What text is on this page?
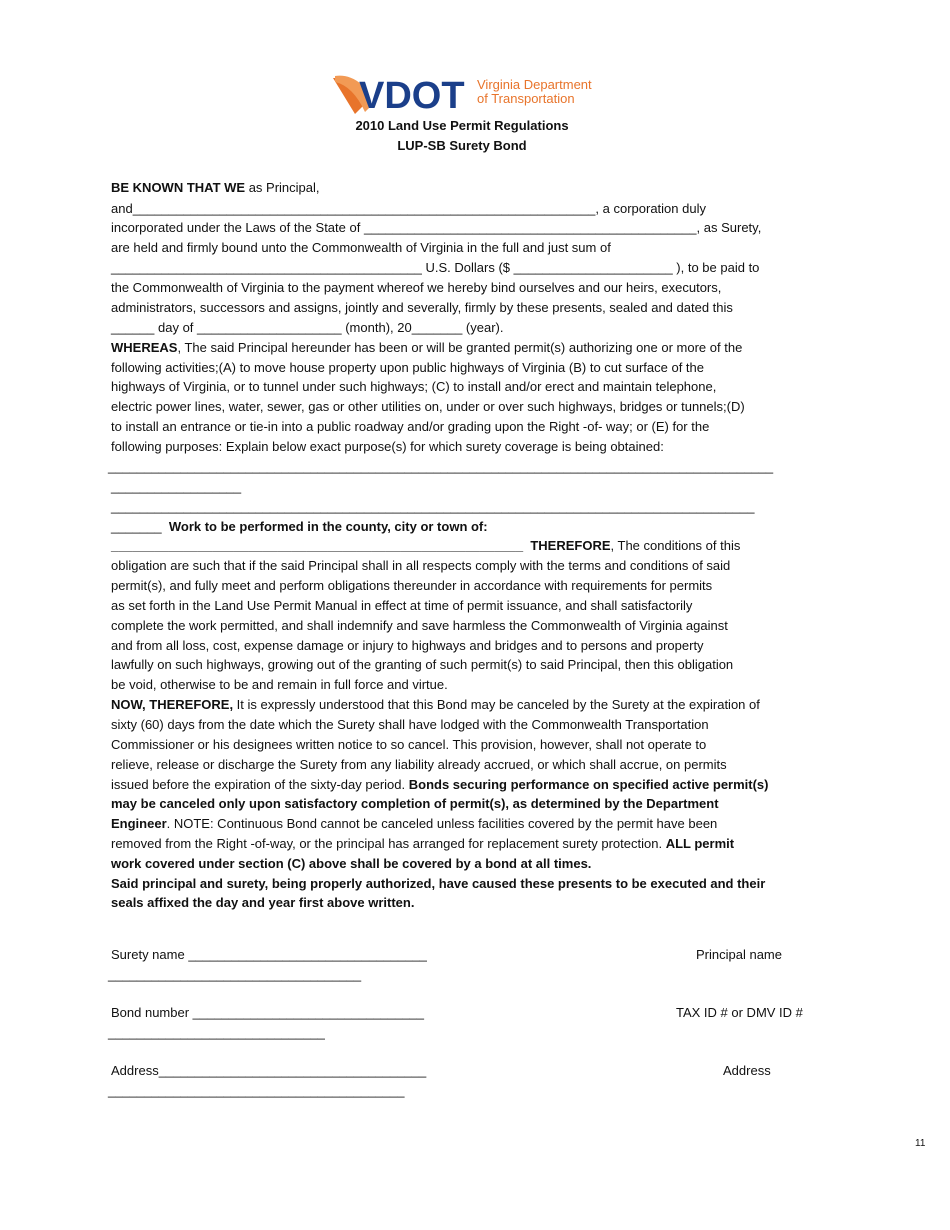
VDOT Virginia Department
of Transportation
2010 Land Use Permit Regulations
LUP-SB Surety Bond
BE KNOWN THAT WE as Principal,
and________________________________________________________________, a corporation duly
incorporated under the Laws of the State of ______________________________________________, as Surety,
are held and firmly bound unto the Commonwealth of Virginia in the full and just sum of
___________________________________________ U.S. Dollars ($ ______________________ ), to be paid to
the Commonwealth of Virginia to the payment whereof we hereby bind ourselves and our heirs, executors,
administrators, successors and assigns, jointly and severally, firmly by these presents, sealed and dated this
______ day of ____________________ (month), 20_______ (year).
WHEREAS, The said Principal hereunder has been or will be granted permit(s) authorizing one or more of the
following activities;(A) to move house property upon public highways of Virginia (B) to cut surface of the
highways of Virginia, or to tunnel under such highways; (C) to install and/or erect and maintain telephone,
electric power lines, water, sewer, gas or other utilities on, under or over such highways, bridges or tunnels;(D)
to install an entrance or tie-in into a public roadway and/or grading upon the Right -of- way; or (E) for the
following purposes: Explain below exact purpose(s) for which surety coverage is being obtained:
____________________________________________________________________________________________
__________________
_________________________________________________________________________________________
_______  Work to be performed in the county, city or town of:
_________________________________________________________  THEREFORE, The conditions of this
obligation are such that if the said Principal shall in all respects comply with the terms and conditions of said
permit(s), and fully meet and perform obligations thereunder in accordance with requirements for permits
as set forth in the Land Use Permit Manual in effect at time of permit issuance, and shall satisfactorily
complete the work permitted, and shall indemnify and save harmless the Commonwealth of Virginia against
and from all loss, cost, expense damage or injury to highways and bridges and to persons and property
lawfully on such highways, growing out of the granting of such permit(s) to said Principal, then this obligation
be void, otherwise to be and remain in full force and virtue.
NOW, THEREFORE, It is expressly understood that this Bond may be canceled by the Surety at the expiration of
sixty (60) days from the date which the Surety shall have lodged with the Commonwealth Transportation
Commissioner or his designees written notice to so cancel. This provision, however, shall not operate to
relieve, release or discharge the Surety from any liability already accrued, or which shall accrue, on permits
issued before the expiration of the sixty-day period. Bonds securing performance on specified active permit(s)
may be canceled only upon satisfactory completion of permit(s), as determined by the Department
Engineer. NOTE: Continuous Bond cannot be canceled unless facilities covered by the permit have been
removed from the Right -of-way, or the principal has arranged for replacement surety protection. ALL permit
work covered under section (C) above shall be covered by a bond at all times.
Said principal and surety, being properly authorized, have caused these presents to be executed and their
seals affixed the day and year first above written.
Surety name _________________________________
___________________________________
Principal name
Bond number ________________________________
______________________________
TAX ID # or DMV ID #
Address_____________________________________
_________________________________________
Address
11
